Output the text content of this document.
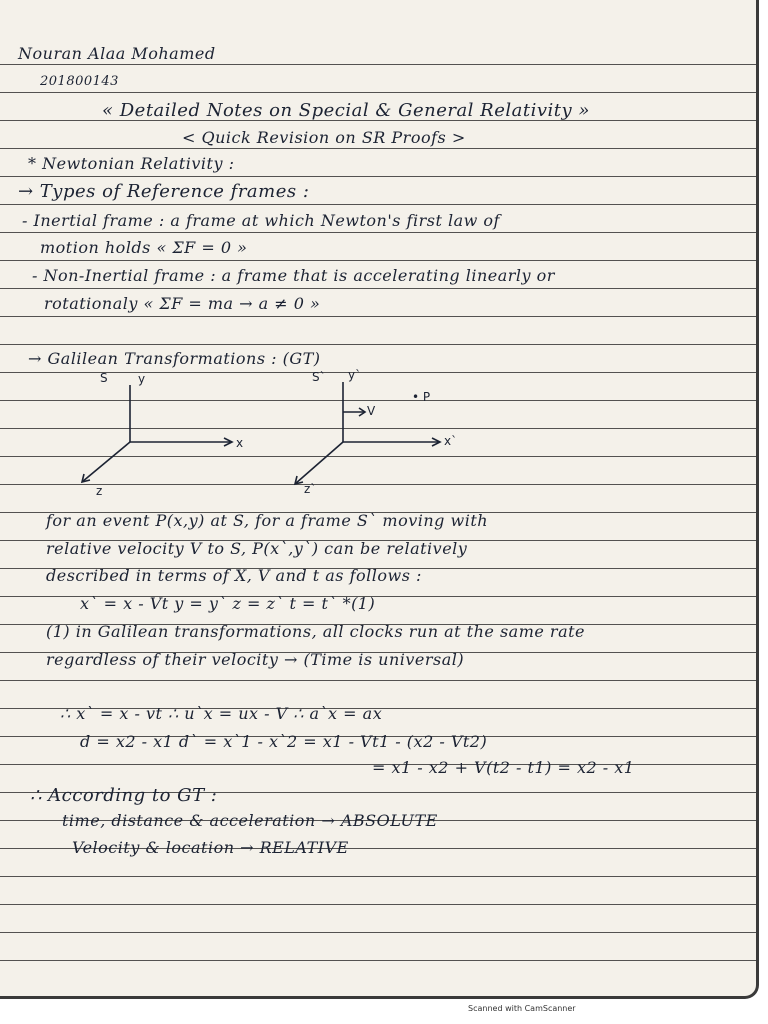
Nouran Alaa Mohamed
201800143
« Detailed Notes on Special & General Relativity »
< Quick Revision on SR Proofs >
* Newtonian Relativity :
→ Types of Reference frames :
- Inertial frame : a frame at which Newton's first law of
motion holds « ΣF = 0 »
- Non-Inertial frame : a frame that is accelerating linearly or
rotationaly « ΣF = ma → a ≠ 0 »
→ Galilean Transformations : (GT)
S	y
x
z
S` y`
x`
z`
V
• P
for an event P(x,y) at S, for a frame S` moving with
relative velocity V to S, P(x`,y`) can be relatively
described in terms of X, V and t as follows :
x` = x - Vt y = y` z = z` t = t` *(1)
(1) in Galilean transformations, all clocks run at the same rate
regardless of their velocity → (Time is universal)
∴ x` = x - vt ∴ u`x = ux - V ∴ a`x = ax
d = x2 - x1 d` = x`1 - x`2 = x1 - Vt1 - (x2 - Vt2)
= x1 - x2 + V(t2 - t1) = x2 - x1
∴ According to GT :
time, distance & acceleration → ABSOLUTE
Velocity & location → RELATIVE
Scanned with CamScanner
